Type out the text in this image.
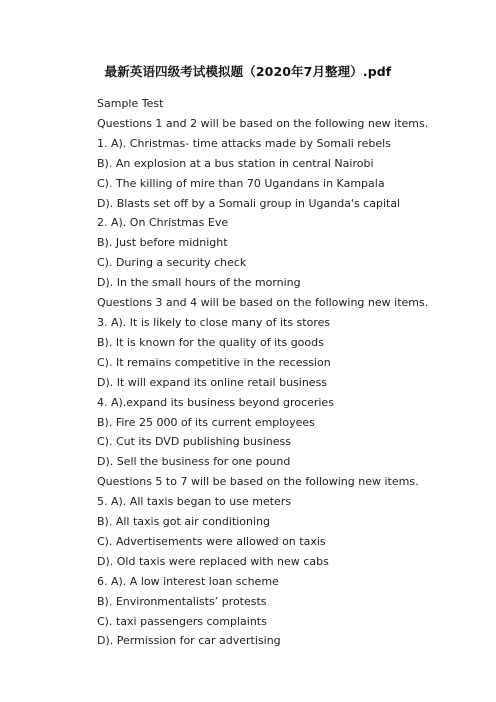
最新英语四级考试模拟题（2020年7月整理）.pdf
Sample Test
Questions 1 and 2 will be based on the following new items.
1. A). Christmas- time attacks made by Somali rebels
B). An explosion at a bus station in central Nairobi
C). The killing of mire than 70 Ugandans in Kampala
D). Blasts set off by a Somali group in Uganda's capital
2. A). On Christmas Eve
B). Just before midnight
C). During a security check
D). In the small hours of the morning
Questions 3 and 4 will be based on the following new items.
3. A). It is likely to close many of its stores
B). It is known for the quality of its goods
C). It remains competitive in the recession
D). It will expand its online retail business
4. A).expand its business beyond groceries
B). Fire 25 000 of its current employees
C). Cut its DVD publishing business
D). Sell the business for one pound
Questions 5 to 7 will be based on the following new items.
5. A). All taxis began to use meters
B). All taxis got air conditioning
C). Advertisements were allowed on taxis
D). Old taxis were replaced with new cabs
6. A). A low interest loan scheme
B). Environmentalists’ protests
C). taxi passengers complaints
D). Permission for car advertising
